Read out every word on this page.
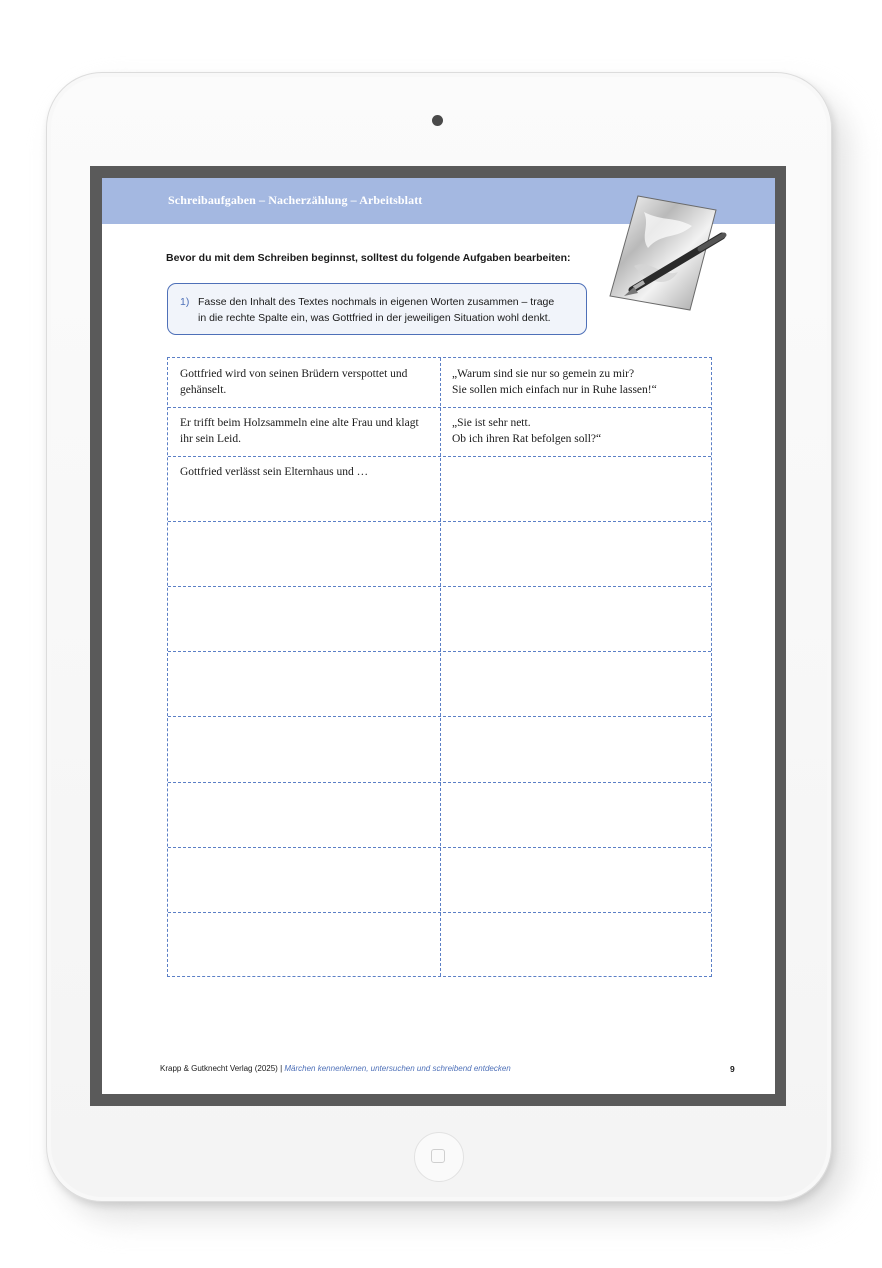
Schreibaufgaben – Nacherzählung – Arbeitsblatt
Bevor du mit dem Schreiben beginnst, solltest du folgende Aufgaben bearbeiten:
1) Fasse den Inhalt des Textes nochmals in eigenen Worten zusammen – trage
in die rechte Spalte ein, was Gottfried in der jeweiligen Situation wohl denkt.
Gottfried wird von seinen Brüdern verspottet und
gehänselt.
„Warum sind sie nur so gemein zu mir?
Sie sollen mich einfach nur in Ruhe lassen!“
Er trifft beim Holzsammeln eine alte Frau und klagt
ihr sein Leid.
„Sie ist sehr nett.
Ob ich ihren Rat befolgen soll?“
Gottfried verlässt sein Elternhaus und …
Krapp & Gutknecht Verlag (2025) | Märchen kennenlernen, untersuchen und schreibend entdecken	9
